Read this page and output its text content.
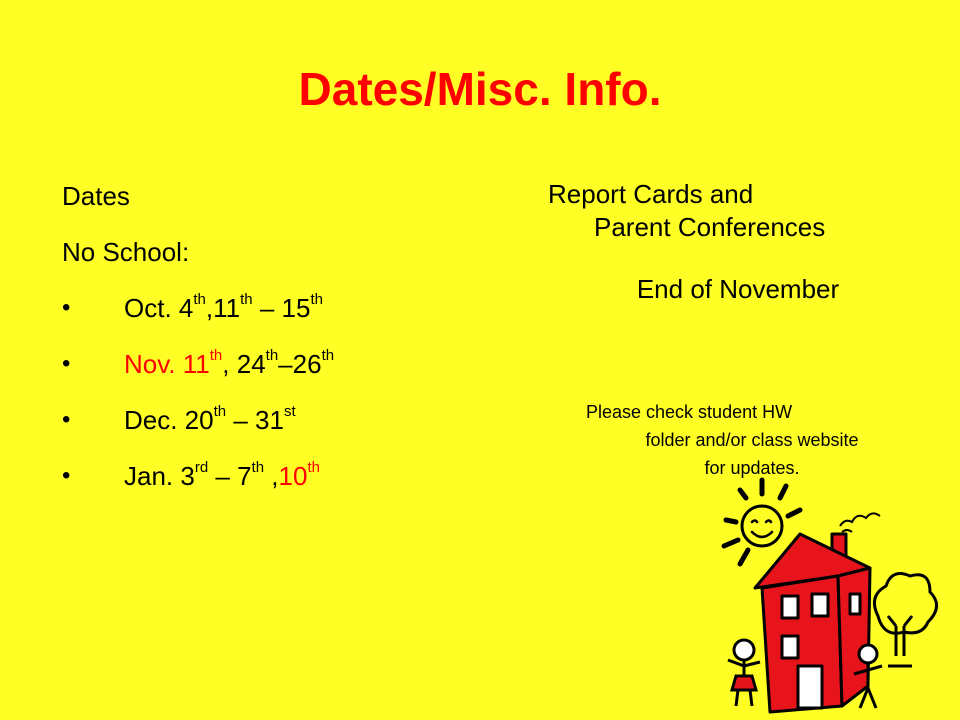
Dates/Misc. Info.
Dates
No School:
• Oct. 4th,11th – 15th
• Nov. 11th, 24th–26th
• Dec. 20th – 31st
• Jan. 3rd – 7th ,10th
Report Cards and
Parent Conferences
End of November
Please check student HW
folder and/or class website
for updates.
